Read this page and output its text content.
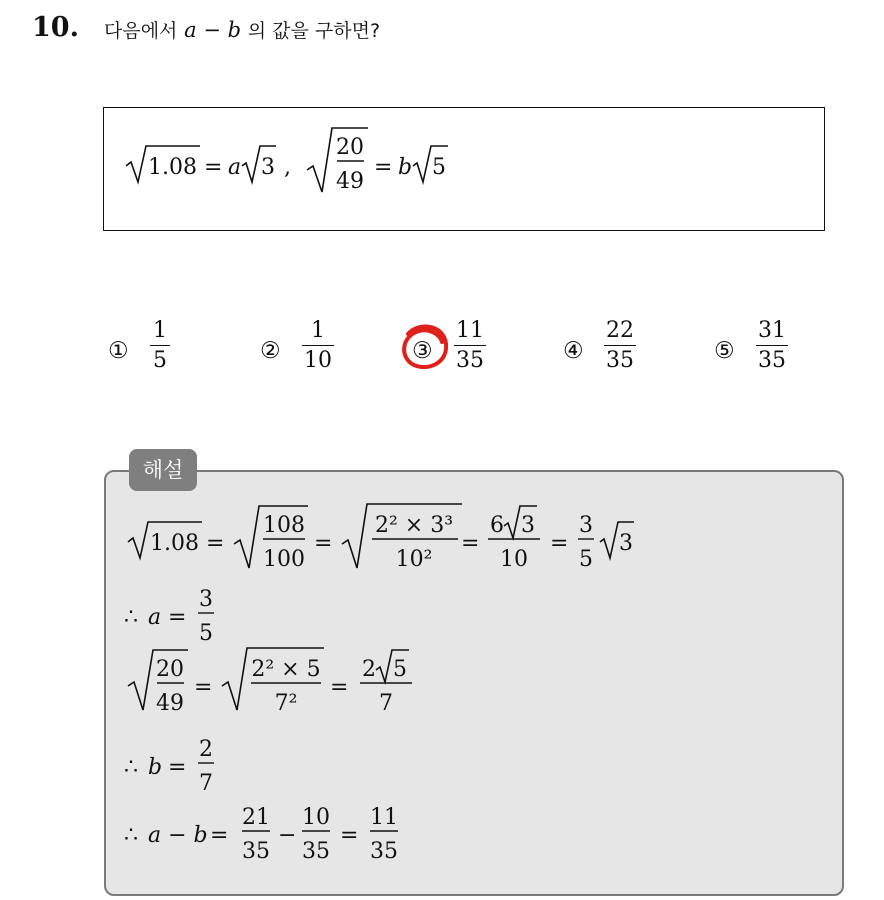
10. 다음에서 a − b 의 값을 구하면?
1.08 = a 3 ,
20
49
= b 5
①
1
5	②
1
10	③
11
35	④
22
35	⑤
31
35
1.08 =
108
100
=
2² × 3³
10²
=
6 3
10
=
3
5
3
∴ a =
3
5
20
49
=
2² × 5
7²
=
2 5
7
∴ b =
2
7
∴ a − b =
21
35
−
10
35
=
11
35
해설
